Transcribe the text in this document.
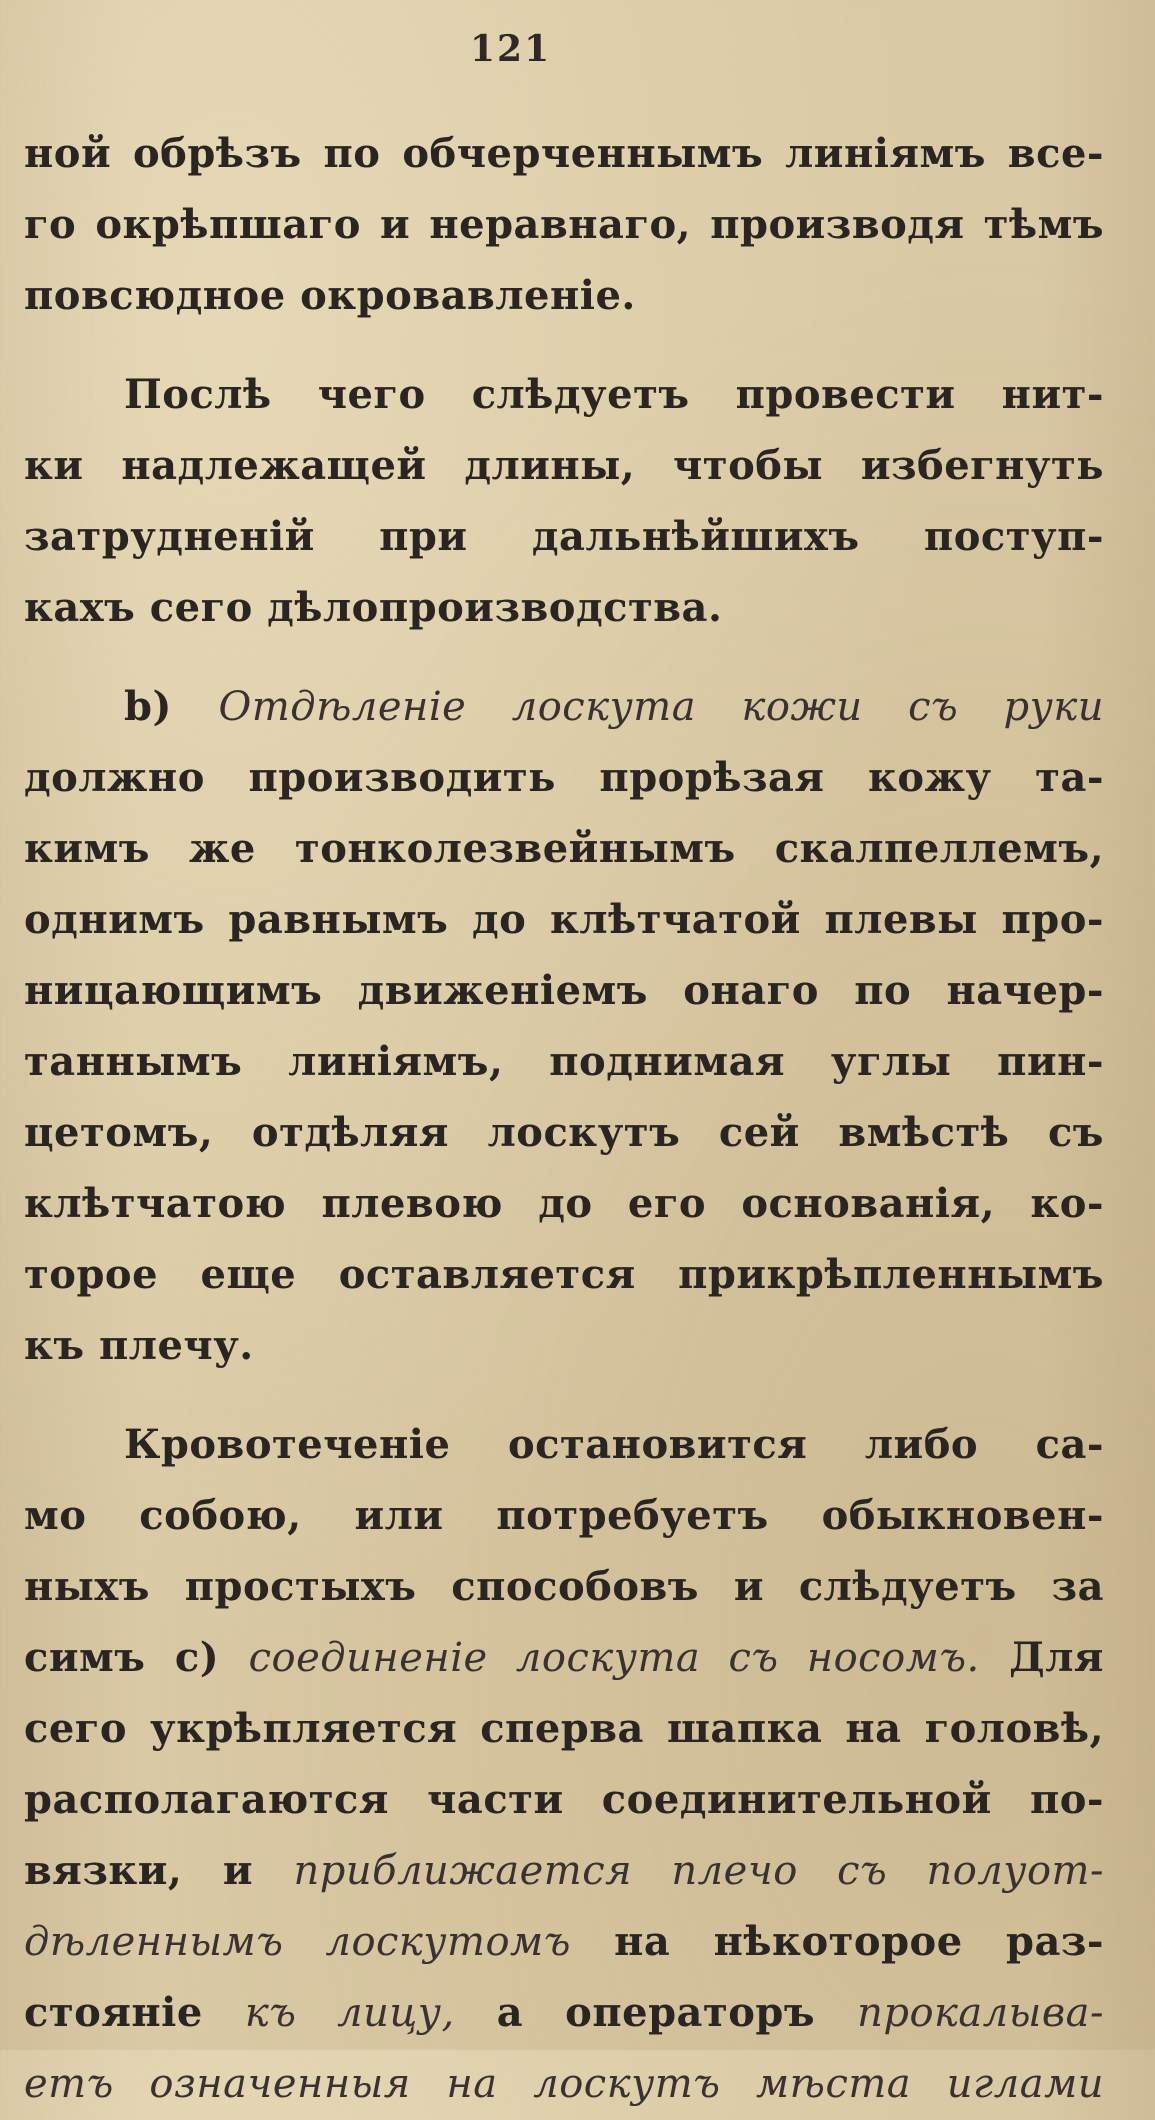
121
ной обрѣзъ по обчерченнымъ линіямъ все-
го окрѣпшаго и неравнаго, производя тѣмъ
повсюдное окровавленіе.
Послѣ чего слѣдуетъ провести нит-
ки надлежащей длины, чтобы избегнуть
затрудненій при дальнѣйшихъ поступ-
кахъ сего дѣлопроизводства.
b) Отдѣленіе лоскута кожи съ руки
должно производить прорѣзая кожу та-
кимъ же тонколезвейнымъ скалпеллемъ,
однимъ равнымъ до клѣтчатой плевы про-
ницающимъ движеніемъ онаго по начер-
таннымъ линіямъ, поднимая углы пин-
цетомъ, отдѣляя лоскутъ сей вмѣстѣ съ
клѣтчатою плевою до его основанія, ко-
торое еще оставляется прикрѣпленнымъ
къ плечу.
Кровотеченіе остановится либо са-
мо собою, или потребуетъ обыкновен-
ныхъ простыхъ способовъ и слѣдуетъ за
симъ c) соединеніе лоскута съ носомъ. Для
сего укрѣпляется сперва шапка на головѣ,
располагаются части соединительной по-
вязки, и приближается плечо съ полуот-
дѣленнымъ лоскутомъ на нѣкоторое раз-
стояніе къ лицу, а операторъ прокалыва-
етъ означенныя на лоскутъ мѣста иглами
